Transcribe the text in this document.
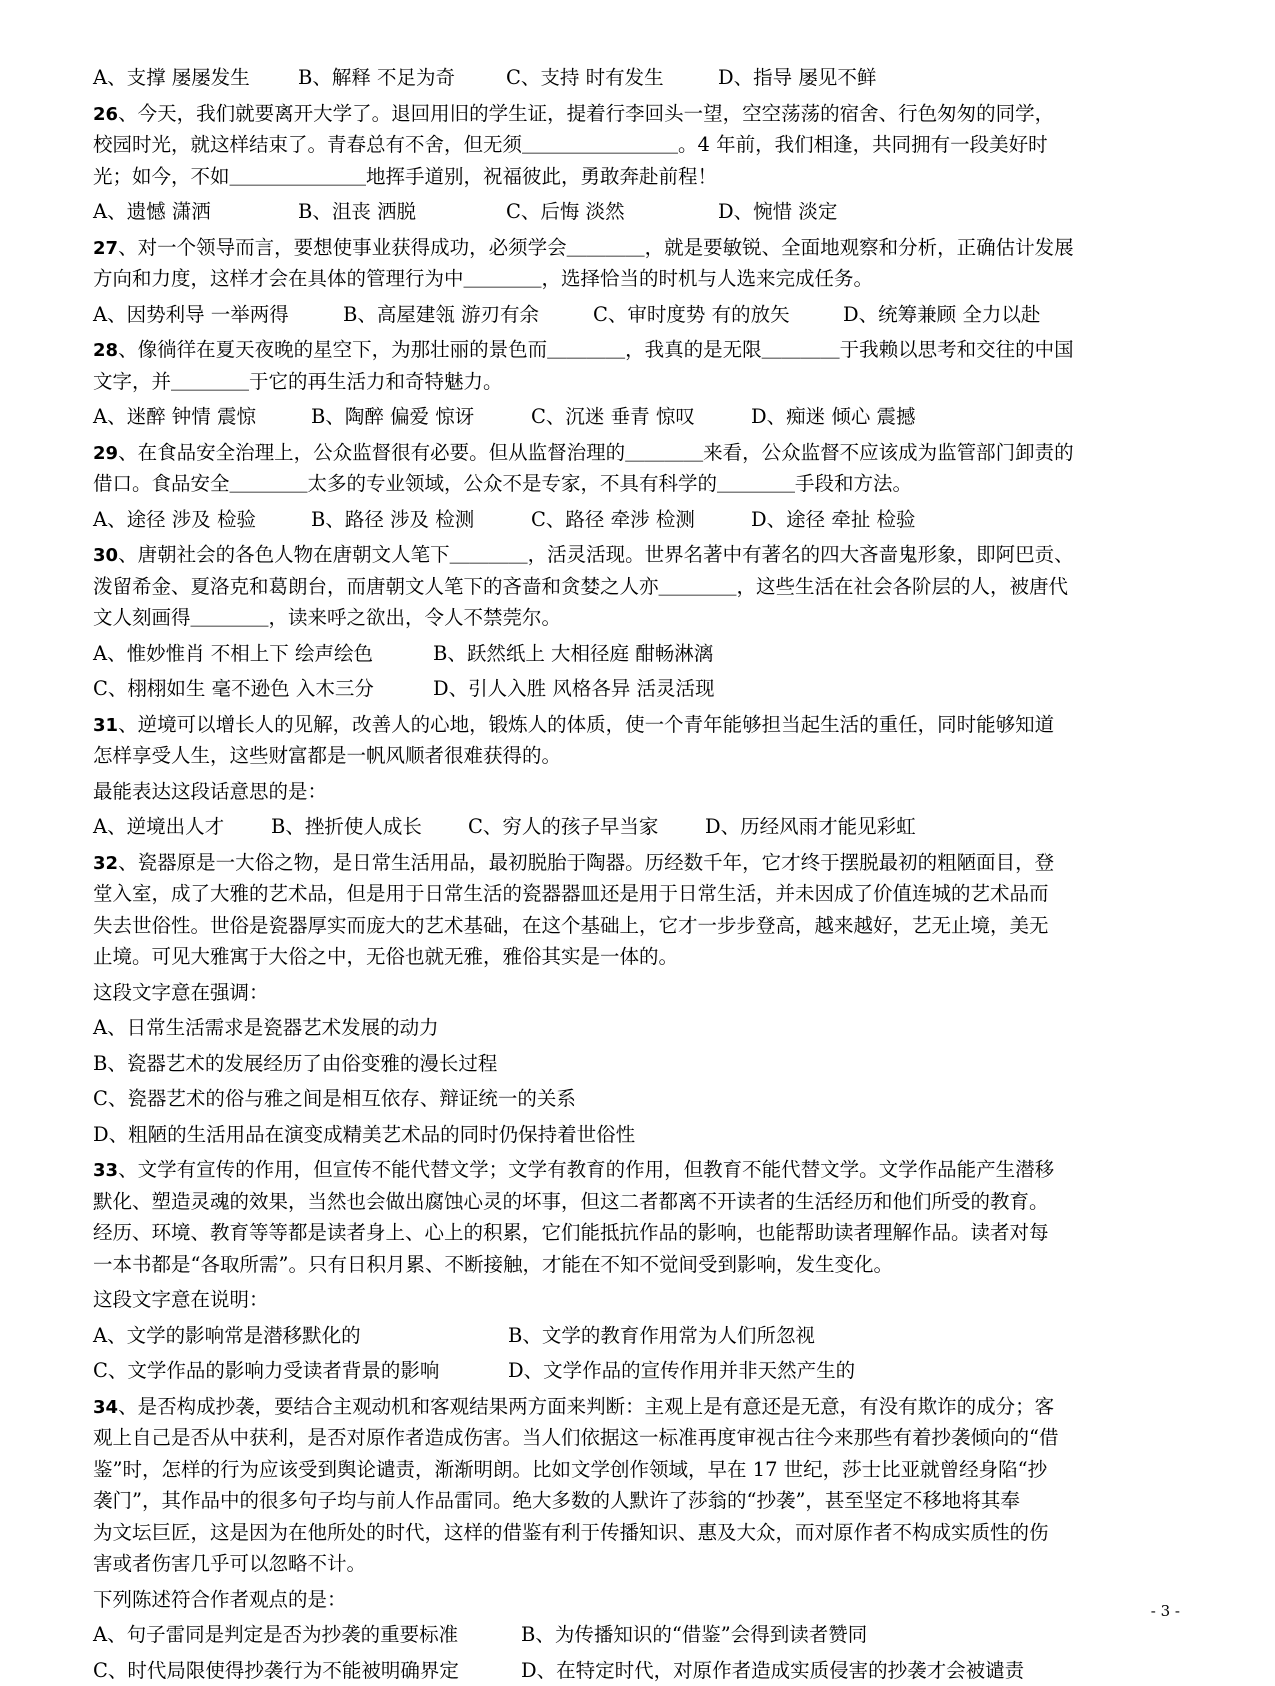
A、支撑 屡屡发生 B、解释 不足为奇	C、支持 时有发生	D、指导 屡见不鲜
26、今天，我们就要离开大学了。退回用旧的学生证，提着行李回头一望，空空荡荡的宿舍、行色匆匆的同学，
校园时光，就这样结束了。青春总有不舍，但无须＿＿＿＿＿＿＿＿。4 年前，我们相逢，共同拥有一段美好时
光；如今，不如＿＿＿＿＿＿＿地挥手道别，祝福彼此，勇敢奔赴前程！
A、遗憾 潇洒	B、沮丧 洒脱	C、后悔 淡然	D、惋惜 淡定
27、对一个领导而言，要想使事业获得成功，必须学会＿＿＿＿，就是要敏锐、全面地观察和分析，正确估计发展
方向和力度，这样才会在具体的管理行为中＿＿＿＿，选择恰当的时机与人选来完成任务。
A、因势利导 一举两得	B、高屋建瓴 游刃有余	C、审时度势 有的放矢	D、统筹兼顾 全力以赴
28、像徜徉在夏天夜晚的星空下，为那壮丽的景色而＿＿＿＿，我真的是无限＿＿＿＿于我赖以思考和交往的中国
文字，并＿＿＿＿于它的再生活力和奇特魅力。
A、迷醉 钟情 震惊	B、陶醉 偏爱 惊讶	C、沉迷 垂青 惊叹	D、痴迷 倾心 震撼
29、在食品安全治理上，公众监督很有必要。但从监督治理的＿＿＿＿来看，公众监督不应该成为监管部门卸责的
借口。食品安全＿＿＿＿太多的专业领域，公众不是专家，不具有科学的＿＿＿＿手段和方法。
A、途径 涉及 检验	B、路径 涉及 检测	C、路径 牵涉 检测	D、途径 牵扯 检验
30、唐朝社会的各色人物在唐朝文人笔下＿＿＿＿，活灵活现。世界名著中有著名的四大吝啬鬼形象，即阿巴贡、
泼留希金、夏洛克和葛朗台，而唐朝文人笔下的吝啬和贪婪之人亦＿＿＿＿，这些生活在社会各阶层的人，被唐代
文人刻画得＿＿＿＿，读来呼之欲出，令人不禁莞尔。
A、惟妙惟肖 不相上下 绘声绘色	B、跃然纸上 大相径庭 酣畅淋漓
C、栩栩如生 毫不逊色 入木三分	D、引人入胜 风格各异 活灵活现
31、逆境可以增长人的见解，改善人的心地，锻炼人的体质，使一个青年能够担当起生活的重任，同时能够知道
怎样享受人生，这些财富都是一帆风顺者很难获得的。
最能表达这段话意思的是：
A、逆境出人才 B、挫折使人成长 C、穷人的孩子早当家 D、历经风雨才能见彩虹
32、瓷器原是一大俗之物，是日常生活用品，最初脱胎于陶器。历经数千年，它才终于摆脱最初的粗陋面目，登
堂入室，成了大雅的艺术品，但是用于日常生活的瓷器器皿还是用于日常生活，并未因成了价值连城的艺术品而
失去世俗性。世俗是瓷器厚实而庞大的艺术基础，在这个基础上，它才一步步登高，越来越好，艺无止境，美无
止境。可见大雅寓于大俗之中，无俗也就无雅，雅俗其实是一体的。
这段文字意在强调：
A、日常生活需求是瓷器艺术发展的动力
B、瓷器艺术的发展经历了由俗变雅的漫长过程
C、瓷器艺术的俗与雅之间是相互依存、辩证统一的关系
D、粗陋的生活用品在演变成精美艺术品的同时仍保持着世俗性
33、文学有宣传的作用，但宣传不能代替文学；文学有教育的作用，但教育不能代替文学。文学作品能产生潜移
默化、塑造灵魂的效果，当然也会做出腐蚀心灵的坏事，但这二者都离不开读者的生活经历和他们所受的教育。
经历、环境、教育等等都是读者身上、心上的积累，它们能抵抗作品的影响，也能帮助读者理解作品。读者对每
一本书都是“各取所需”。只有日积月累、不断接触，才能在不知不觉间受到影响，发生变化。
这段文字意在说明：
A、文学的影响常是潜移默化的	B、文学的教育作用常为人们所忽视
C、文学作品的影响力受读者背景的影响	D、文学作品的宣传作用并非天然产生的
34、是否构成抄袭，要结合主观动机和客观结果两方面来判断：主观上是有意还是无意，有没有欺诈的成分；客
观上自己是否从中获利，是否对原作者造成伤害。当人们依据这一标准再度审视古往今来那些有着抄袭倾向的“借
鉴”时，怎样的行为应该受到舆论谴责，渐渐明朗。比如文学创作领域，早在 17 世纪，莎士比亚就曾经身陷“抄
袭门”，其作品中的很多句子均与前人作品雷同。绝大多数的人默许了莎翁的“抄袭”，甚至坚定不移地将其奉
为文坛巨匠，这是因为在他所处的时代，这样的借鉴有利于传播知识、惠及大众，而对原作者不构成实质性的伤
害或者伤害几乎可以忽略不计。
下列陈述符合作者观点的是：
A、句子雷同是判定是否为抄袭的重要标准	B、为传播知识的“借鉴”会得到读者赞同
C、时代局限使得抄袭行为不能被明确界定	D、在特定时代，对原作者造成实质侵害的抄袭才会被谴责
- 3 -
